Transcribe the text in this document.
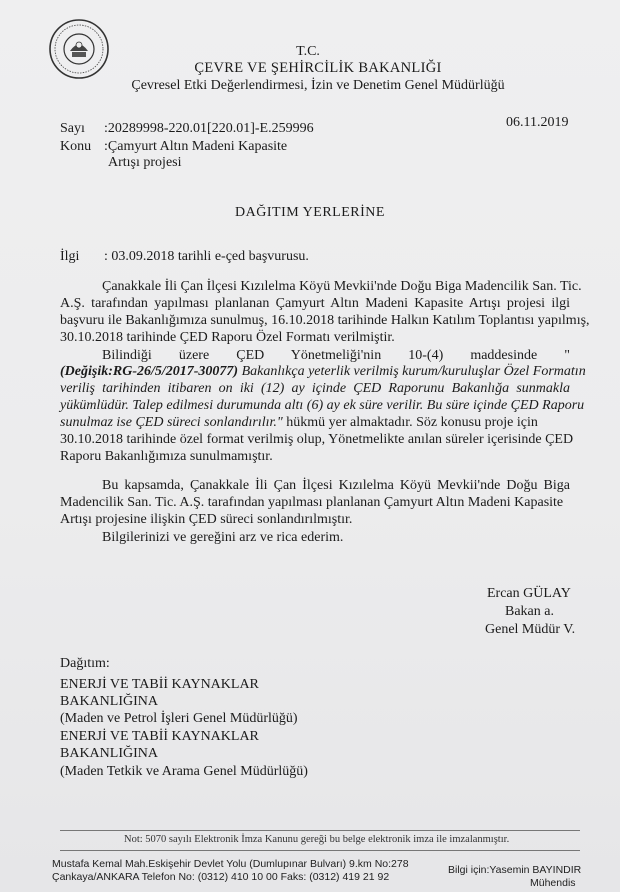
T.C.
ÇEVRE VE ŞEHİRCİLİK BAKANLIĞI
Çevresel Etki Değerlendirmesi, İzin ve Denetim Genel Müdürlüğü
Sayı :20289998-220.01[220.01]-E.259996	06.11.2019
Konu :Çamyurt Altın Madeni Kapasite
Artışı projesi
DAĞITIM YERLERİNE
İlgi : 03.09.2018 tarihli e-çed başvurusu.
Çanakkale İli Çan İlçesi Kızılelma Köyü Mevkii'nde Doğu Biga Madencilik San. Tic.
A.Ş. tarafından yapılması planlanan Çamyurt Altın Madeni Kapasite Artışı projesi ilgi
başvuru ile Bakanlığımıza sunulmuş, 16.10.2018 tarihinde Halkın Katılım Toplantısı yapılmış,
30.10.2018 tarihinde ÇED Raporu Özel Formatı verilmiştir.
Bilindiği üzere ÇED Yönetmeliği'nin 10-(4) maddesinde "
(Değişik:RG-26/5/2017-30077) Bakanlıkça yeterlik verilmiş kurum/kuruluşlar Özel Formatın
veriliş tarihinden itibaren on iki (12) ay içinde ÇED Raporunu Bakanlığa sunmakla
yükümlüdür. Talep edilmesi durumunda altı (6) ay ek süre verilir. Bu süre içinde ÇED Raporu
sunulmaz ise ÇED süreci sonlandırılır." hükmü yer almaktadır. Söz konusu proje için
30.10.2018 tarihinde özel format verilmiş olup, Yönetmelikte anılan süreler içerisinde ÇED
Raporu Bakanlığımıza sunulmamıştır.
Bu kapsamda, Çanakkale İli Çan İlçesi Kızılelma Köyü Mevkii'nde Doğu Biga
Madencilik San. Tic. A.Ş. tarafından yapılması planlanan Çamyurt Altın Madeni Kapasite
Artışı projesine ilişkin ÇED süreci sonlandırılmıştır.
Bilgilerinizi ve gereğini arz ve rica ederim.
Ercan GÜLAY
Bakan a.
Genel Müdür V.
Dağıtım:
ENERJİ VE TABİİ KAYNAKLAR
BAKANLIĞINA
(Maden ve Petrol İşleri Genel Müdürlüğü)
ENERJİ VE TABİİ KAYNAKLAR
BAKANLIĞINA
(Maden Tetkik ve Arama Genel Müdürlüğü)
Not: 5070 sayılı Elektronik İmza Kanunu gereği bu belge elektronik imza ile imzalanmıştır.
Mustafa Kemal Mah.Eskişehir Devlet Yolu (Dumlupınar Bulvarı) 9.km No:278
Çankaya/ANKARA Telefon No: (0312) 410 10 00 Faks: (0312) 419 21 92
Bilgi için:Yasemin BAYINDIR
Mühendis
